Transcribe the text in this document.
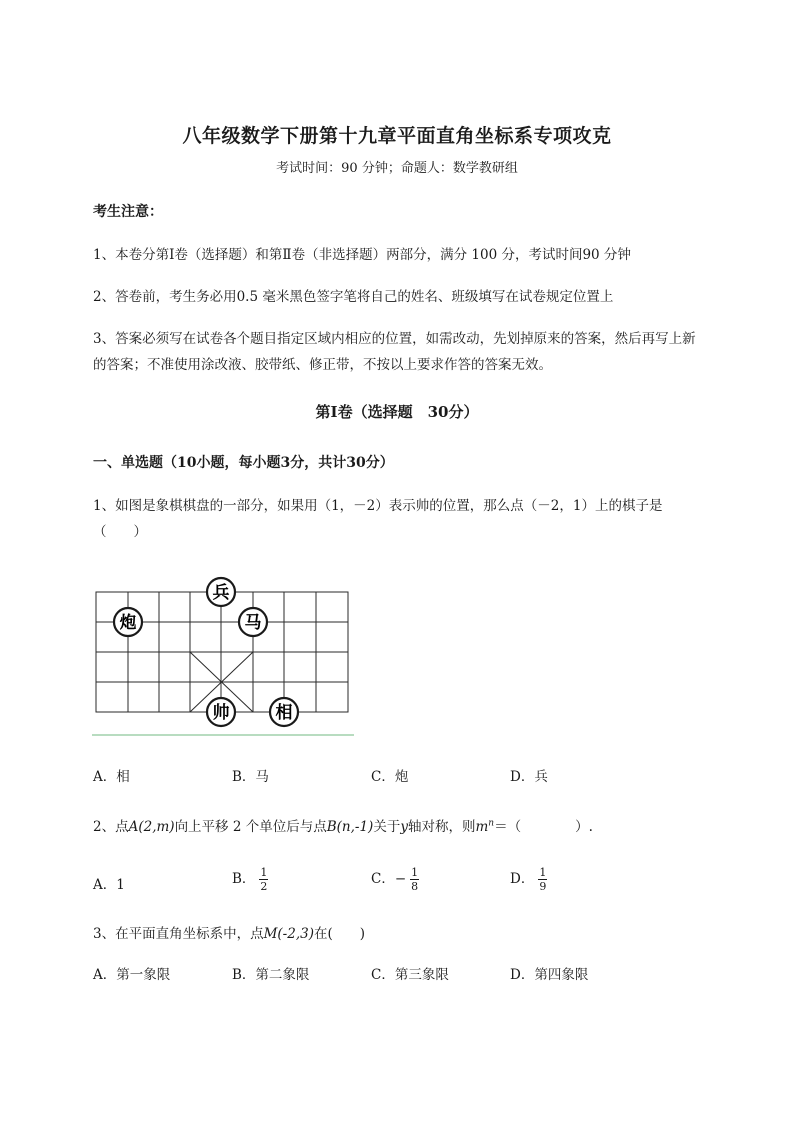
八年级数学下册第十九章平面直角坐标系专项攻克
考试时间：90 分钟；命题人：数学教研组
考生注意：
1、本卷分第Ⅰ卷（选择题）和第Ⅱ卷（非选择题）两部分，满分 100 分，考试时间90 分钟
2、答卷前，考生务必用0.5 毫米黑色签字笔将自己的姓名、班级填写在试卷规定位置上
3、答案必须写在试卷各个题目指定区域内相应的位置，如需改动，先划掉原来的答案，然后再写上新
的答案；不准使用涂改液、胶带纸、修正带，不按以上要求作答的答案无效。
第Ⅰ卷（选择题　30分）
一、单选题（10小题，每小题3分，共计30分）
1、如图是象棋棋盘的一部分，如果用（1，－2）表示帅的位置，那么点（－2，1）上的棋子是
（　　）
兵
炮	马
帅	相
A．相	B．马	C．炮	D．兵
2、点A(2,m)向上平移 2 个单位后与点B(n,-1)关于y轴对称，则$m^n=$（　　　　）.
A．1	B． $\frac{1}{2}$	C．− $\frac{1}{8}$	D． $\frac{1}{9}$
3、在平面直角坐标系中，点M(-2,3)在(　　)
A．第一象限	B．第二象限	C．第三象限	D．第四象限
